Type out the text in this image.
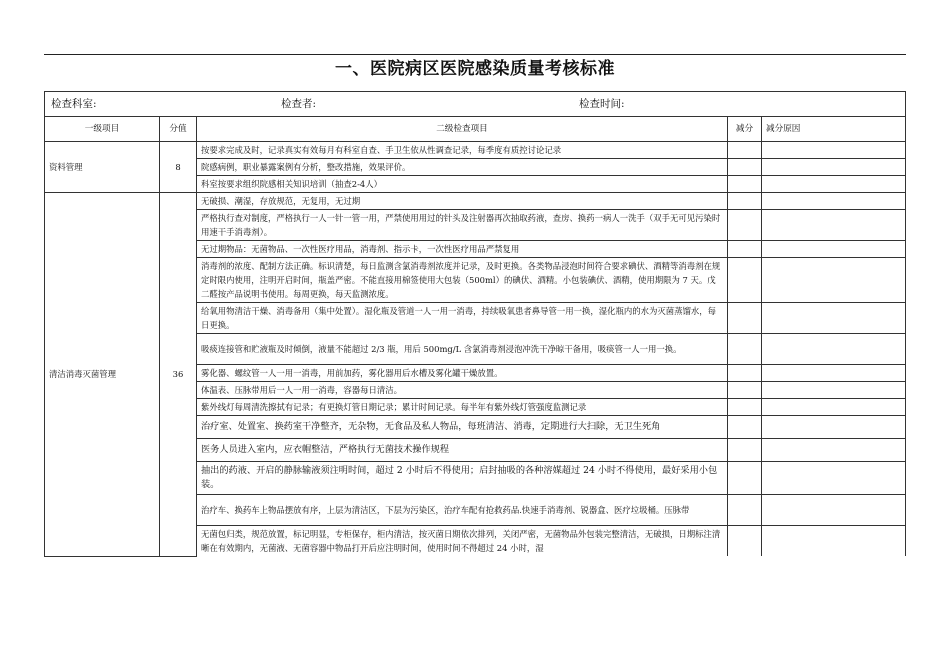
一、医院病区医院感染质量考核标准
检查科室: 检查者: 检查时间:				

一级项目	分值	二级检查项目	减分	减分原因
资料管理	8	按要求完成及时，记录真实有效每月有科室自查、手卫生依从性调查记录，每季度有质控讨论记录		
		院感病例，职业暴露案例有分析，整改措施，效果评价。		
		科室按要求组织院感相关知识培训（抽查2-4人）		
清洁消毒灭菌管理	36	无破损、潮湿，存放规范，无复用，无过期		
		严格执行查对制度，严格执行一人一针一管一用，严禁使用用过的针头及注射器再次抽取药液，查房、换药一病人一洗手（双手无可见污染时用速干手消毒剂）。		
		无过期物品：无菌物品、一次性医疗用品，消毒剂、指示卡，一次性医疗用品严禁复用		
		消毒剂的浓度、配制方法正确。标识清楚，每日监测含氯消毒剂浓度并记录，及时更换。各类物品浸泡时间符合要求碘伏、酒精等消毒剂在规定时限内使用，注明开启时间，瓶盖严密。不能直接用棉签使用大包装（500ml）的碘伏、酒精。小包装碘伏、酒精，使用期限为 7 天。戊二醛按产品说明书使用。每周更换，每天监测浓度。		
		给氧用物清洁干燥、消毒备用（集中处置）。湿化瓶及管道一人一用一消毒，持续吸氧患者鼻导管一用一换，湿化瓶内的水为灭菌蒸馏水，每日更换。		
		吸痰连接管和贮液瓶及时倾倒，液量不能超过 2/3 瓶，用后 500mg/L 含氯消毒剂浸泡冲洗干净晾干备用，吸痰管一人一用一换。		
		雾化器、螺纹管一人一用一消毒，用前加药，雾化器用后水槽及雾化罐干燥放置。		
		体温表、压脉带用后一人一用一消毒，容器每日清洁。		
		紫外线灯每周清洗擦拭有记录；有更换灯管日期记录；累计时间记录。每半年有紫外线灯管强度监测记录		
		治疗室、处置室、换药室干净整齐，无杂物，无食品及私人物品，每班清洁、消毒，定期进行大扫除，无卫生死角		
		医务人员进入室内，应衣帽整洁，严格执行无菌技术操作规程		
		抽出的药液、开启的静脉输液须注明时间，超过 2 小时后不得使用；启封抽吸的各种溶媒超过 24 小时不得使用，最好采用小包装。		
		治疗车、换药车上物品摆放有序，上层为清洁区，下层为污染区，治疗车配有抢救药品.快速手消毒剂、锐器盒、医疗垃圾桶。压脉带		
		无菌包归类，规范放置，标记明显，专柜保存，柜内清洁，按灭菌日期依次排列，关闭严密，无菌物品外包装完整清洁，无破损，日期标注清晰在有效期内，无菌液、无菌容器中物品打开后应注明时间，使用时间不得超过 24 小时，湿		
